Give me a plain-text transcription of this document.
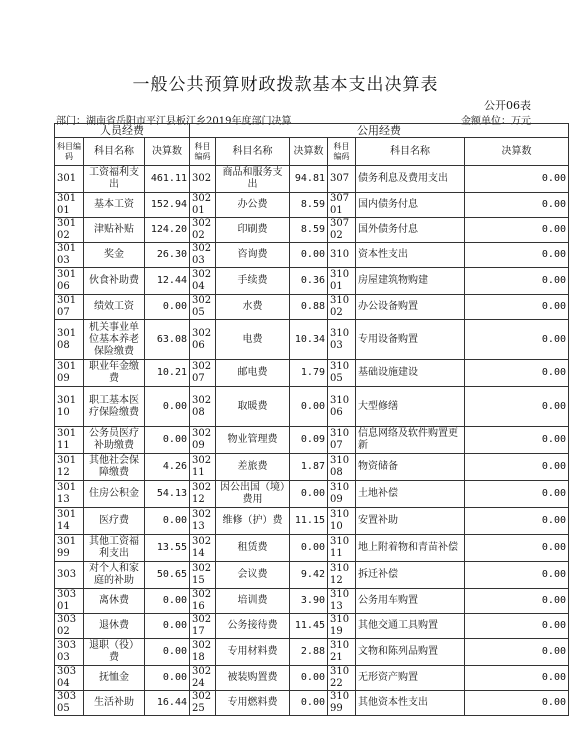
一般公共预算财政拨款基本支出决算表
公开06表
部门：湖南省岳阳市平江县板江乡2019年度部门决算	金额单位：万元
人员经费			公用经费					
科目编码	科目名称	决算数	科目编码	科目名称	决算数	科目编码	科目名称	决算数
301	工资福利支出	461.11	302	商品和服务支出	94.81	307	债务利息及费用支出	0.00
30101	基本工资	152.94	30201	办公费	8.59	30701	国内债务付息	0.00
30102	津贴补贴	124.20	30202	印刷费	8.59	30702	国外债务付息	0.00
30103	奖金	26.30	30203	咨询费	0.00	310	资本性支出	0.00
30106	伙食补助费	12.44	30204	手续费	0.36	31001	房屋建筑物购建	0.00
30107	绩效工资	0.00	30205	水费	0.88	31002	办公设备购置	0.00
30108	机关事业单位基本养老保险缴费	63.08	30206	电费	10.34	31003	专用设备购置	0.00
30109	职业年金缴费	10.21	30207	邮电费	1.79	31005	基础设施建设	0.00
30110	职工基本医疗保险缴费	0.00	30208	取暖费	0.00	31006	大型修缮	0.00
30111	公务员医疗补助缴费	0.00	30209	物业管理费	0.09	31007	信息网络及软件购置更新	0.00
30112	其他社会保障缴费	4.26	30211	差旅费	1.87	31008	物资储备	0.00
30113	住房公积金	54.13	30212	因公出国（境）费用	0.00	31009	土地补偿	0.00
30114	医疗费	0.00	30213	维修（护）费	11.15	31010	安置补助	0.00
30199	其他工资福利支出	13.55	30214	租赁费	0.00	31011	地上附着物和青苗补偿	0.00
303	对个人和家庭的补助	50.65	30215	会议费	9.42	31012	拆迁补偿	0.00
30301	离休费	0.00	30216	培训费	3.90	31013	公务用车购置	0.00
30302	退休费	0.00	30217	公务接待费	11.45	31019	其他交通工具购置	0.00
30303	退职（役）费	0.00	30218	专用材料费	2.88	31021	文物和陈列品购置	0.00
30304	抚恤金	0.00	30224	被装购置费	0.00	31022	无形资产购置	0.00
30305	生活补助	16.44	30225	专用燃料费	0.00	31099	其他资本性支出	0.00
